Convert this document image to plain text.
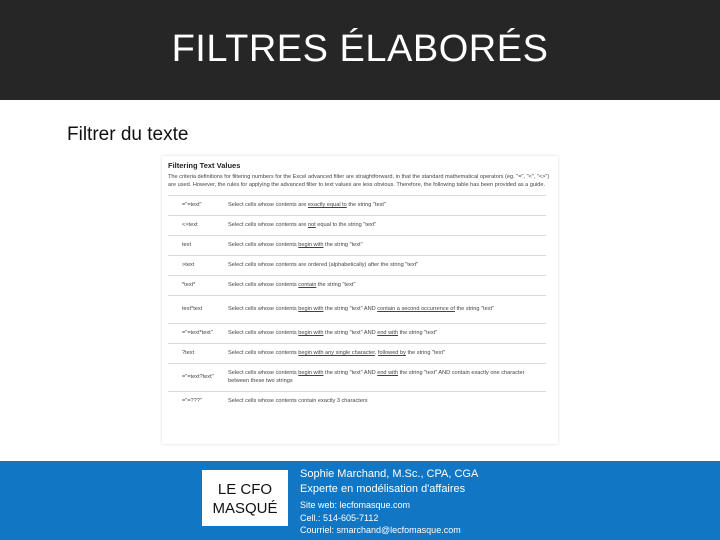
FILTRES ÉLABORÉS
Filtrer du texte
Filtering Text Values
The criteria definitions for filtering numbers for the Excel advanced filter are straightforward, in that the standard mathematical operators (eg. "=", "<", "<>") are used. However, the rules for applying the advanced filter to text values are less obvious. Therefore, the following table has been provided as a guide.
="=text"	Select cells whose contents are exactly equal to the string "text"
<>text	Select cells whose contents are not equal to the string "text"
text	Select cells whose contents begin with the string "text"
>text	Select cells whose contents are ordered (alphabetically) after the string "text"
*text*	Select cells whose contents contain the string "text"
text*text	Select cells whose contents begin with the string "text" AND contain a second occurrence of the string "text"
="=text*text"	Select cells whose contents begin with the string "text" AND end with the string "text"
?text	Select cells whose contents begin with any single character, followed by the string "text"
="=text?text"	Select cells whose contents begin with the string "text" AND end with the string "text" AND contain exactly one character between these two strings
="=???"	Select cells whose contents contain exactly 3 characters
LE CFO
MASQUÉ
Sophie Marchand, M.Sc., CPA, CGA
Experte en modélisation d'affaires
Site web: lecfomasque.com
Cell.: 514-605-7112
Courriel: smarchand@lecfomasque.com
